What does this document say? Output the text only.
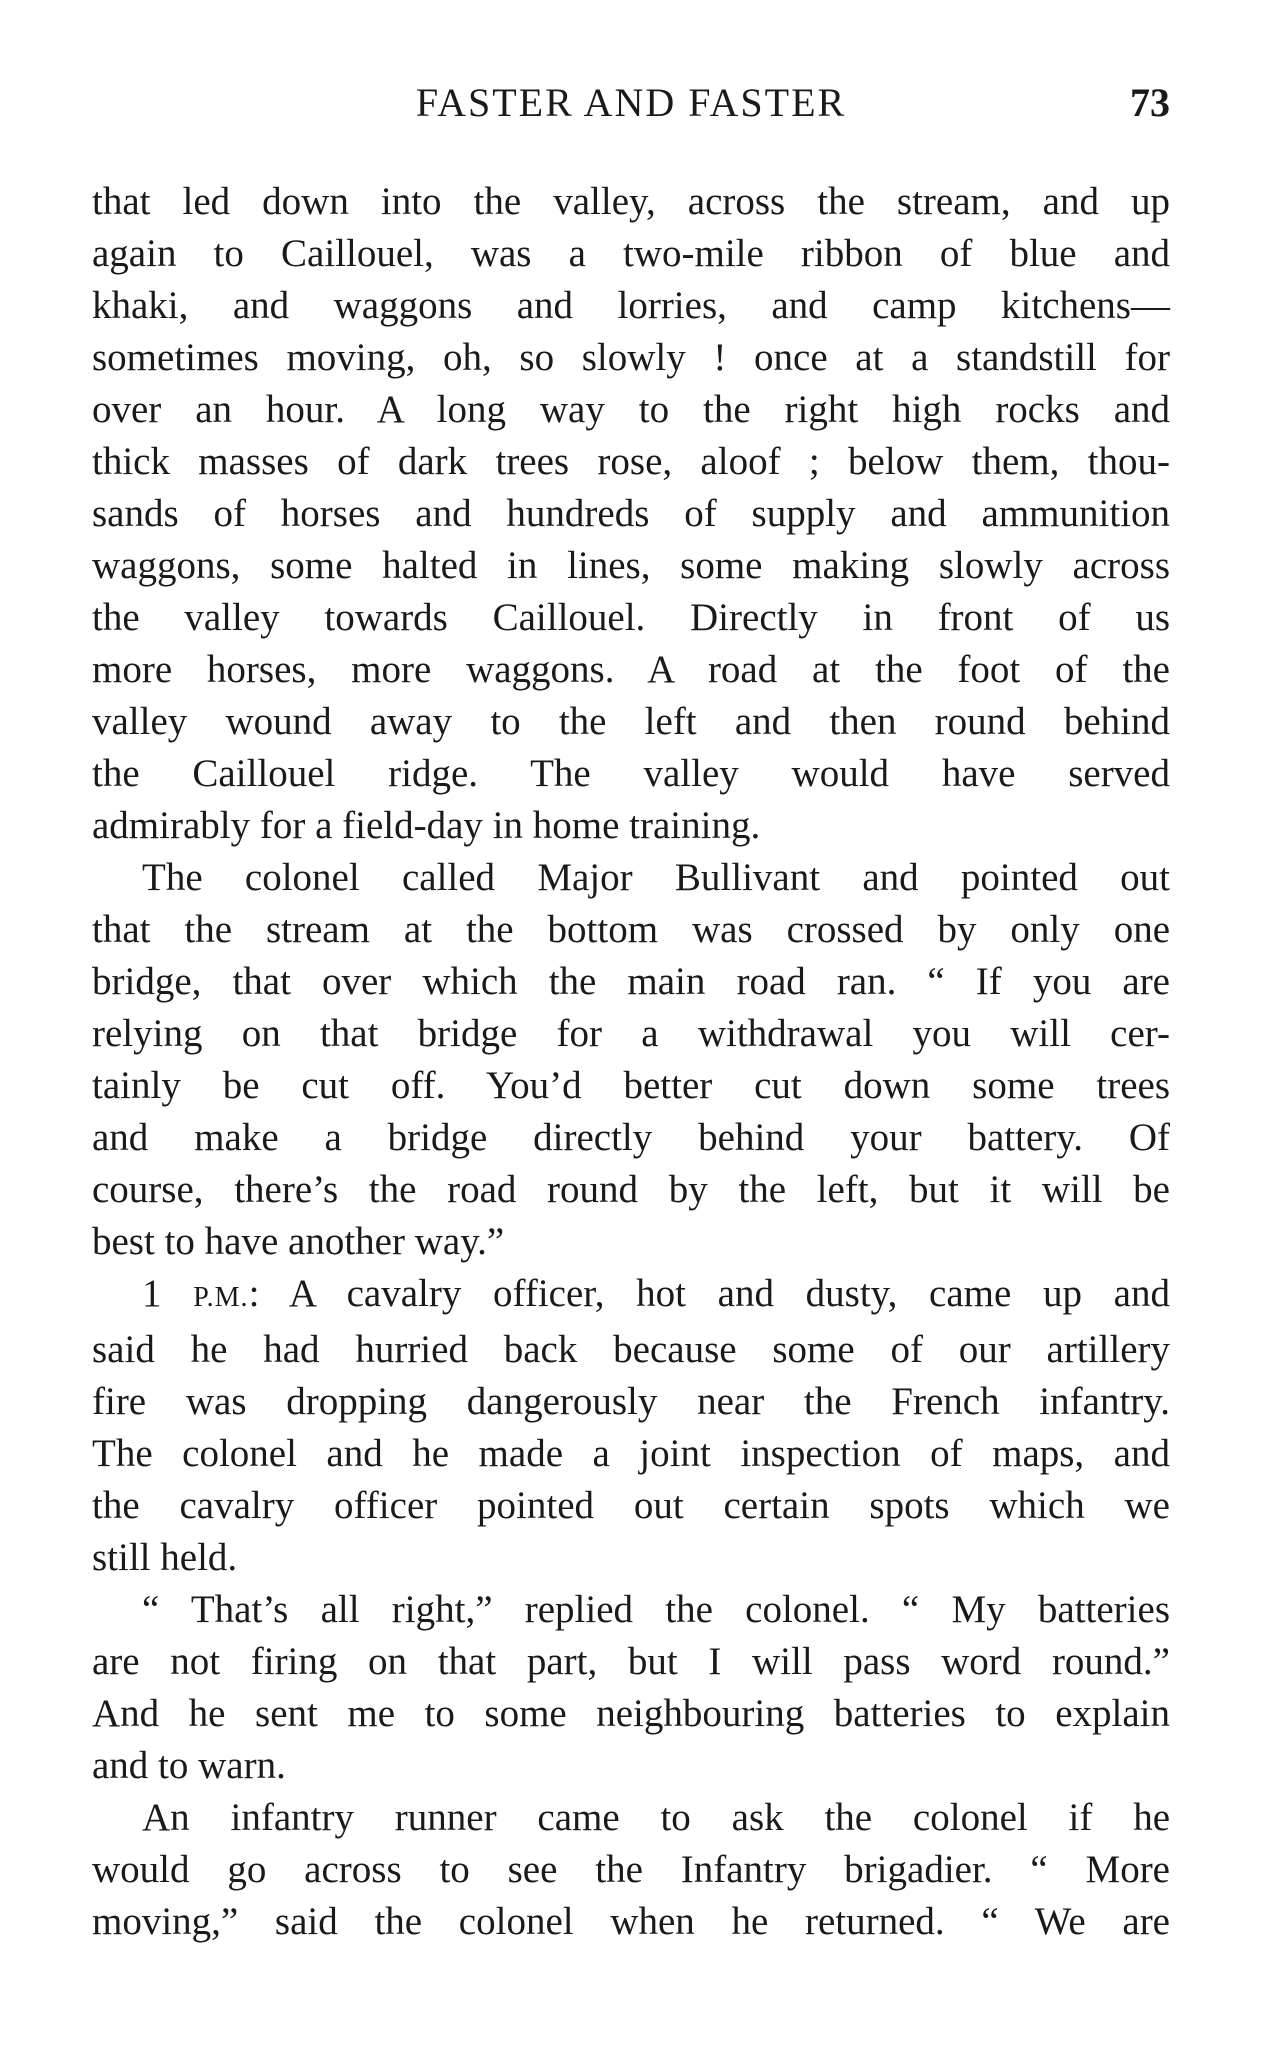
FASTER AND FASTER	73

that led down into the valley, across the stream, and up
again to Caillouel, was a two-mile ribbon of blue and
khaki, and waggons and lorries, and camp kitchens—
sometimes moving, oh, so slowly ! once at a standstill for
over an hour. A long way to the right high rocks and
thick masses of dark trees rose, aloof ; below them, thou-
sands of horses and hundreds of supply and ammunition
waggons, some halted in lines, some making slowly across
the valley towards Caillouel. Directly in front of us
more horses, more waggons. A road at the foot of the
valley wound away to the left and then round behind
the Caillouel ridge. The valley would have served
admirably for a field-day in home training.

The colonel called Major Bullivant and pointed out
that the stream at the bottom was crossed by only one
bridge, that over which the main road ran. “ If you are
relying on that bridge for a withdrawal you will cer-
tainly be cut off. You’d better cut down some trees
and make a bridge directly behind your battery. Of
course, there’s the road round by the left, but it will be
best to have another way.”

1 P.M.: A cavalry officer, hot and dusty, came up and
said he had hurried back because some of our artillery
fire was dropping dangerously near the French infantry.
The colonel and he made a joint inspection of maps, and
the cavalry officer pointed out certain spots which we
still held.

“ That’s all right,” replied the colonel. “ My batteries
are not firing on that part, but I will pass word round.”
And he sent me to some neighbouring batteries to explain
and to warn.

An infantry runner came to ask the colonel if he
would go across to see the Infantry brigadier. “ More
moving,” said the colonel when he returned. “ We are
